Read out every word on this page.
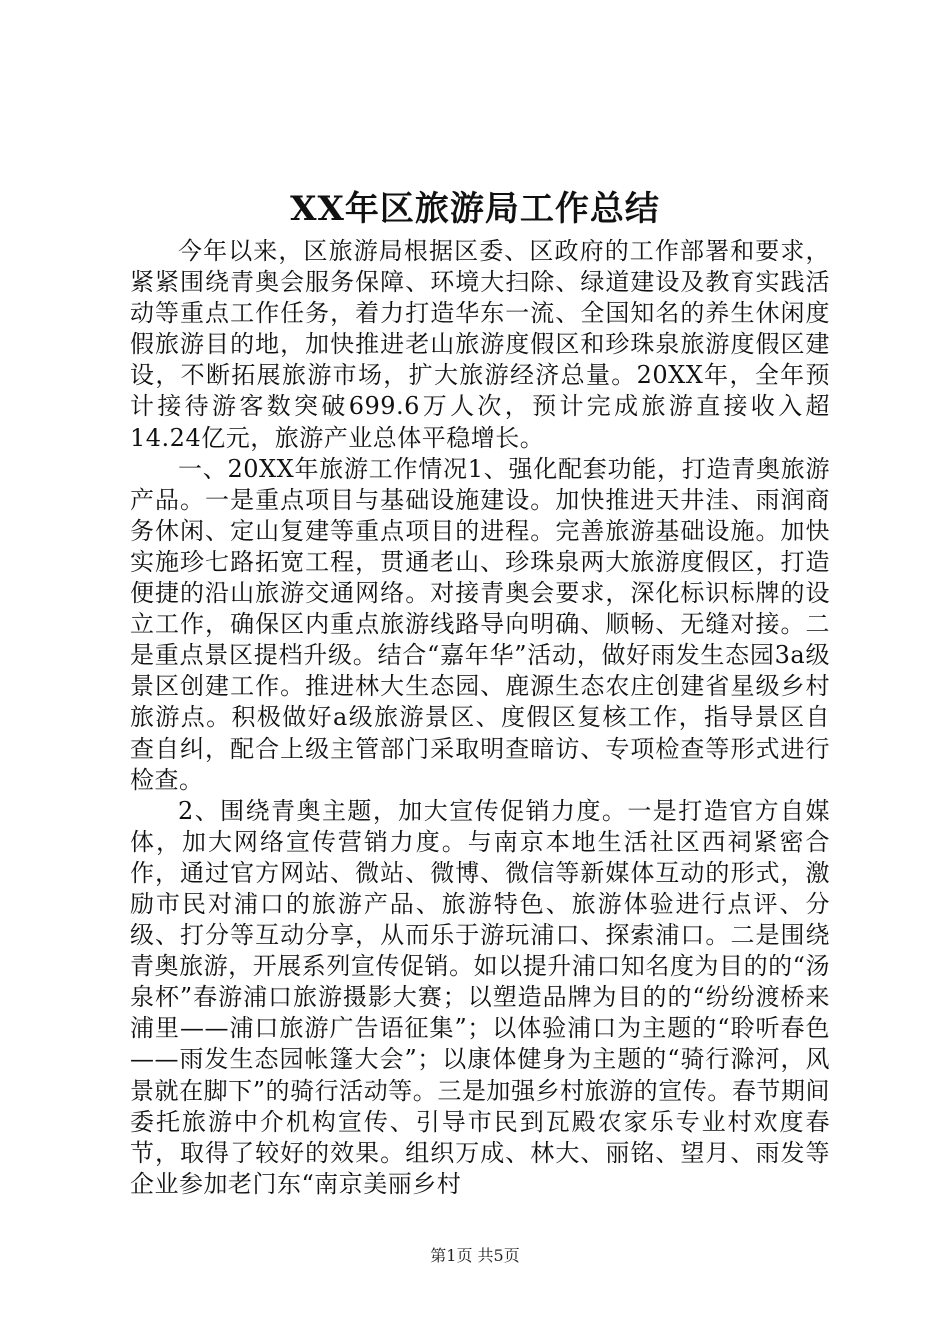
XX年区旅游局工作总结

今年以来，区旅游局根据区委、区政府的工作部署和要求，紧紧围绕青奥会服务保障、环境大扫除、绿道建设及教育实践活动等重点工作任务，着力打造华东一流、全国知名的养生休闲度假旅游目的地，加快推进老山旅游度假区和珍珠泉旅游度假区建设，不断拓展旅游市场，扩大旅游经济总量。20XX年，全年预计接待游客数突破699.6万人次，预计完成旅游直接收入超14.24亿元，旅游产业总体平稳增长。

一、20XX年旅游工作情况1、强化配套功能，打造青奥旅游产品。一是重点项目与基础设施建设。加快推进天井洼、雨润商务休闲、定山复建等重点项目的进程。完善旅游基础设施。加快实施珍七路拓宽工程，贯通老山、珍珠泉两大旅游度假区，打造便捷的沿山旅游交通网络。对接青奥会要求，深化标识标牌的设立工作，确保区内重点旅游线路导向明确、顺畅、无缝对接。二是重点景区提档升级。结合“嘉年华”活动，做好雨发生态园3a级景区创建工作。推进林大生态园、鹿源生态农庄创建省星级乡村旅游点。积极做好a级旅游景区、度假区复核工作，指导景区自查自纠，配合上级主管部门采取明查暗访、专项检查等形式进行检查。

2、围绕青奥主题，加大宣传促销力度。一是打造官方自媒体，加大网络宣传营销力度。与南京本地生活社区西祠紧密合作，通过官方网站、微站、微博、微信等新媒体互动的形式，激励市民对浦口的旅游产品、旅游特色、旅游体验进行点评、分级、打分等互动分享，从而乐于游玩浦口、探索浦口。二是围绕青奥旅游，开展系列宣传促销。如以提升浦口知名度为目的的“汤泉杯”春游浦口旅游摄影大赛；以塑造品牌为目的的“纷纷渡桥来浦里——浦口旅游广告语征集”；以体验浦口为主题的“聆听春色——雨发生态园帐篷大会”；以康体健身为主题的“骑行滁河，风景就在脚下”的骑行活动等。三是加强乡村旅游的宣传。春节期间委托旅游中介机构宣传、引导市民到瓦殿农家乐专业村欢度春节，取得了较好的效果。组织万成、林大、丽铭、望月、雨发等企业参加老门东“南京美丽乡村

第1页 共5页
